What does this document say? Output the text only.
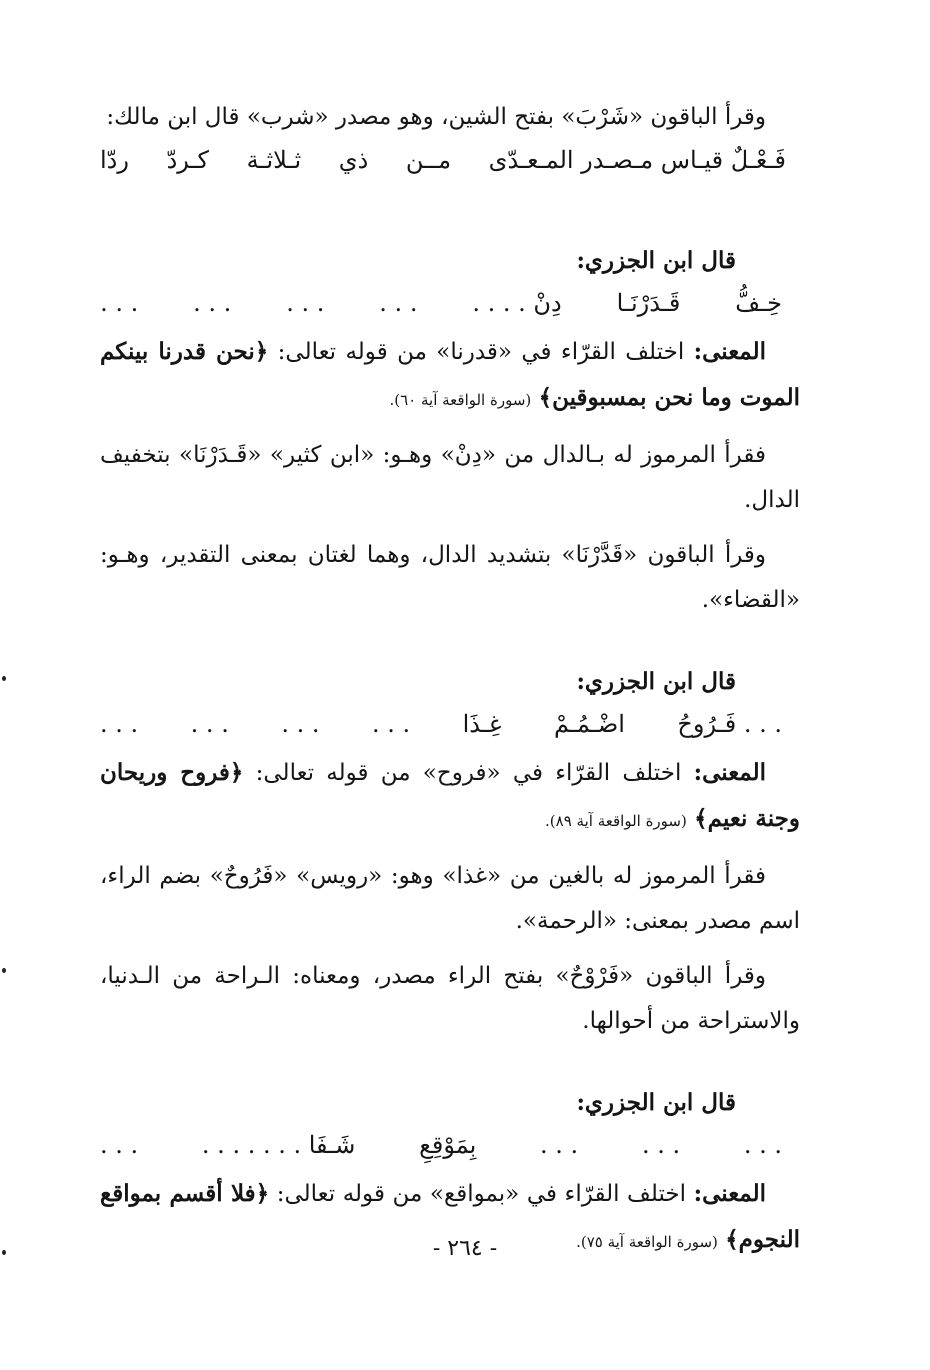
وقرأ الباقون «شَرْبَ» بفتح الشين، وهو مصدر «شرب» قال ابن مالك:

فَـعْـلٌ قيـاس مـصـدر المـعـدّى
مــن
ذي
ثـلاثـة
كـردّ
ردّا

قال ابن الجزري:

خِـفُّ
قَـدَرْنَـا
دِنْ . . . .
. . .
. . .
. . .
. . .

المعنى: اختلف القرّاء في «قدرنا» من قوله تعالى: ﴿نحن قدرنا بينكم الموت وما نحن بمسبوقين﴾ (سورة الواقعة آية ٦٠).

فقرأ المرموز له بـالدال من «دِنْ» وهـو: «ابن كثير» «قَـدَرْنَا» بتخفيف الدال.

وقرأ الباقون «قَدَّرْنَا» بتشديد الدال، وهما لغتان بمعنى التقدير، وهـو: «القضاء».

قال ابن الجزري:

. . . فَـرُوحُ
اضْـمُـمْ
غِـذَا
. . .
. . .
. . .
. . .

المعنى: اختلف القرّاء في «فروح» من قوله تعالى: ﴿فروح وريحان وجنة نعيم﴾ (سورة الواقعة آية ٨٩).

فقرأ المرموز له بالغين من «غذا» وهو: «رويس» «فَرُوحٌ» بضم الراء، اسم مصدر بمعنى: «الرحمة».

وقرأ الباقون «فَرْوْحٌ» بفتح الراء مصدر، ومعناه: الـراحة من الـدنيا، والاستراحة من أحوالها.

قال ابن الجزري:

. . .
. . .
. . .
بِمَوْقِعِ
شَـفَا . . . . . . .
. . .

المعنى: اختلف القرّاء في «بمواقع» من قوله تعالى: ﴿فلا أقسم بمواقع النجوم﴾ (سورة الواقعة آية ٧٥).

- ٢٦٤ -
